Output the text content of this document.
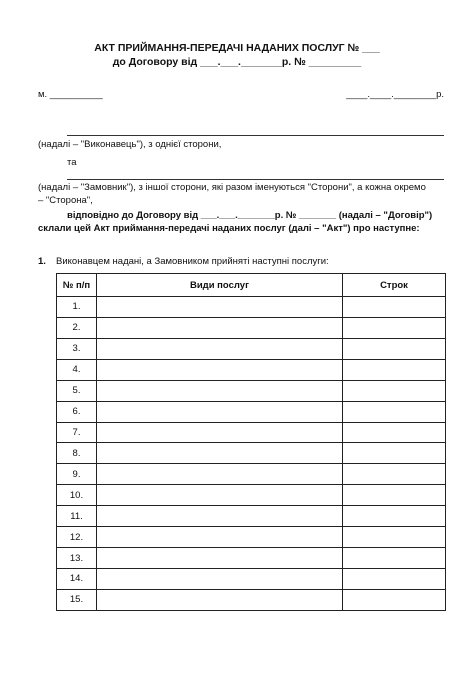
АКТ ПРИЙМАННЯ-ПЕРЕДАЧІ НАДАНИХ ПОСЛУГ № ___
до Договору від ___.___._______р. № _________
м. __________	____.____.________р.
(надалі – "Виконавець"), з однієї сторони,
та
(надалі – "Замовник"), з іншої сторони, які разом іменуються "Сторони", а кожна окремо
– "Сторона",
відповідно до Договору від ___.___._______р. № _______ (надалі – "Договір")
склали цей Акт приймання-передачі наданих послуг (далі – "Акт") про наступне:
1. Виконавцем надані, а Замовником прийняті наступні послуги:
№ п/п	Види послуг	Строк
1.		
2.		
3.		
4.		
5.		
6.		
7.		
8.		
9.		
10.		
11.		
12.		
13.		
14.		
15.		
